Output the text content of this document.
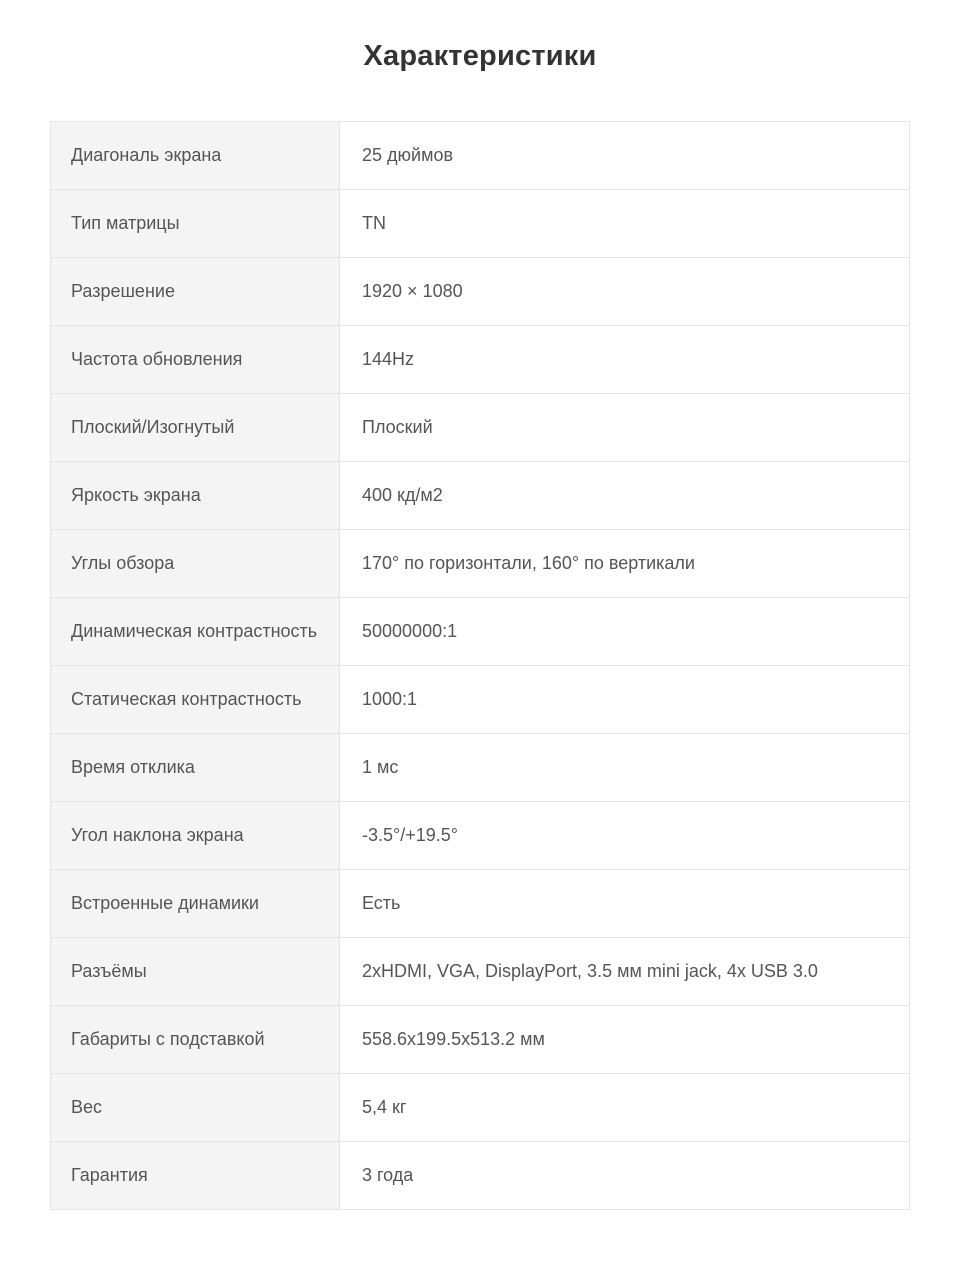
Характеристики
Диагональ экрана	25 дюймов
Тип матрицы	TN
Разрешение	1920 × 1080
Частота обновления	144Hz
Плоский/Изогнутый	Плоский
Яркость экрана	400 кд/м2
Углы обзора	170° по горизонтали, 160° по вертикали
Динамическая контрастность	50000000:1
Статическая контрастность	1000:1
Время отклика	1 мс
Угол наклона экрана	-3.5°/+19.5°
Встроенные динамики	Есть
Разъёмы	2xHDMI, VGA, DisplayPort, 3.5 мм mini jack, 4x USB 3.0
Габариты с подставкой	558.6x199.5x513.2 мм
Вес	5,4 кг
Гарантия	3 года
